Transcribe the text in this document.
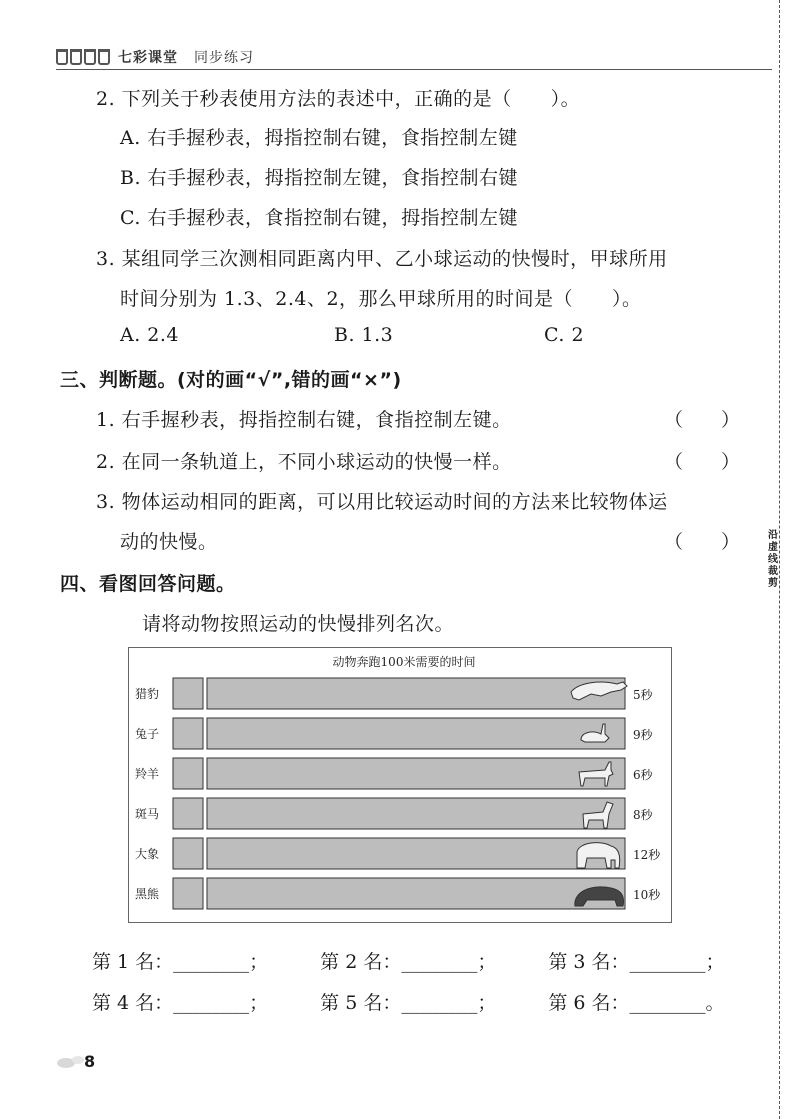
七彩课堂 同步练习
沿虚线裁剪
2. 下列关于秒表使用方法的表述中，正确的是（　　）。
A. 右手握秒表，拇指控制右键，食指控制左键
B. 右手握秒表，拇指控制左键，食指控制右键
C. 右手握秒表，食指控制右键，拇指控制左键
3. 某组同学三次测相同距离内甲、乙小球运动的快慢时，甲球所用
时间分别为 1.3、2.4、2，那么甲球所用的时间是（　　）。
A. 2.4	B. 1.3	C. 2
三、判断题。(对的画“√”,错的画“×”)
1. 右手握秒表，拇指控制右键，食指控制左键。	（　　）
2. 在同一条轨道上，不同小球运动的快慢一样。	（　　）
3. 物体运动相同的距离，可以用比较运动时间的方法来比较物体运
动的快慢。	（　　）
四、看图回答问题。
请将动物按照运动的快慢排列名次。
动物奔跑100米需要的时间
猎豹	5秒
兔子	9秒
羚羊	6秒
斑马	8秒
大象	12秒
黑熊	10秒
第 1 名：________；	第 2 名：________；	第 3 名：________；
第 4 名：________；	第 5 名：________；	第 6 名：________。
8
